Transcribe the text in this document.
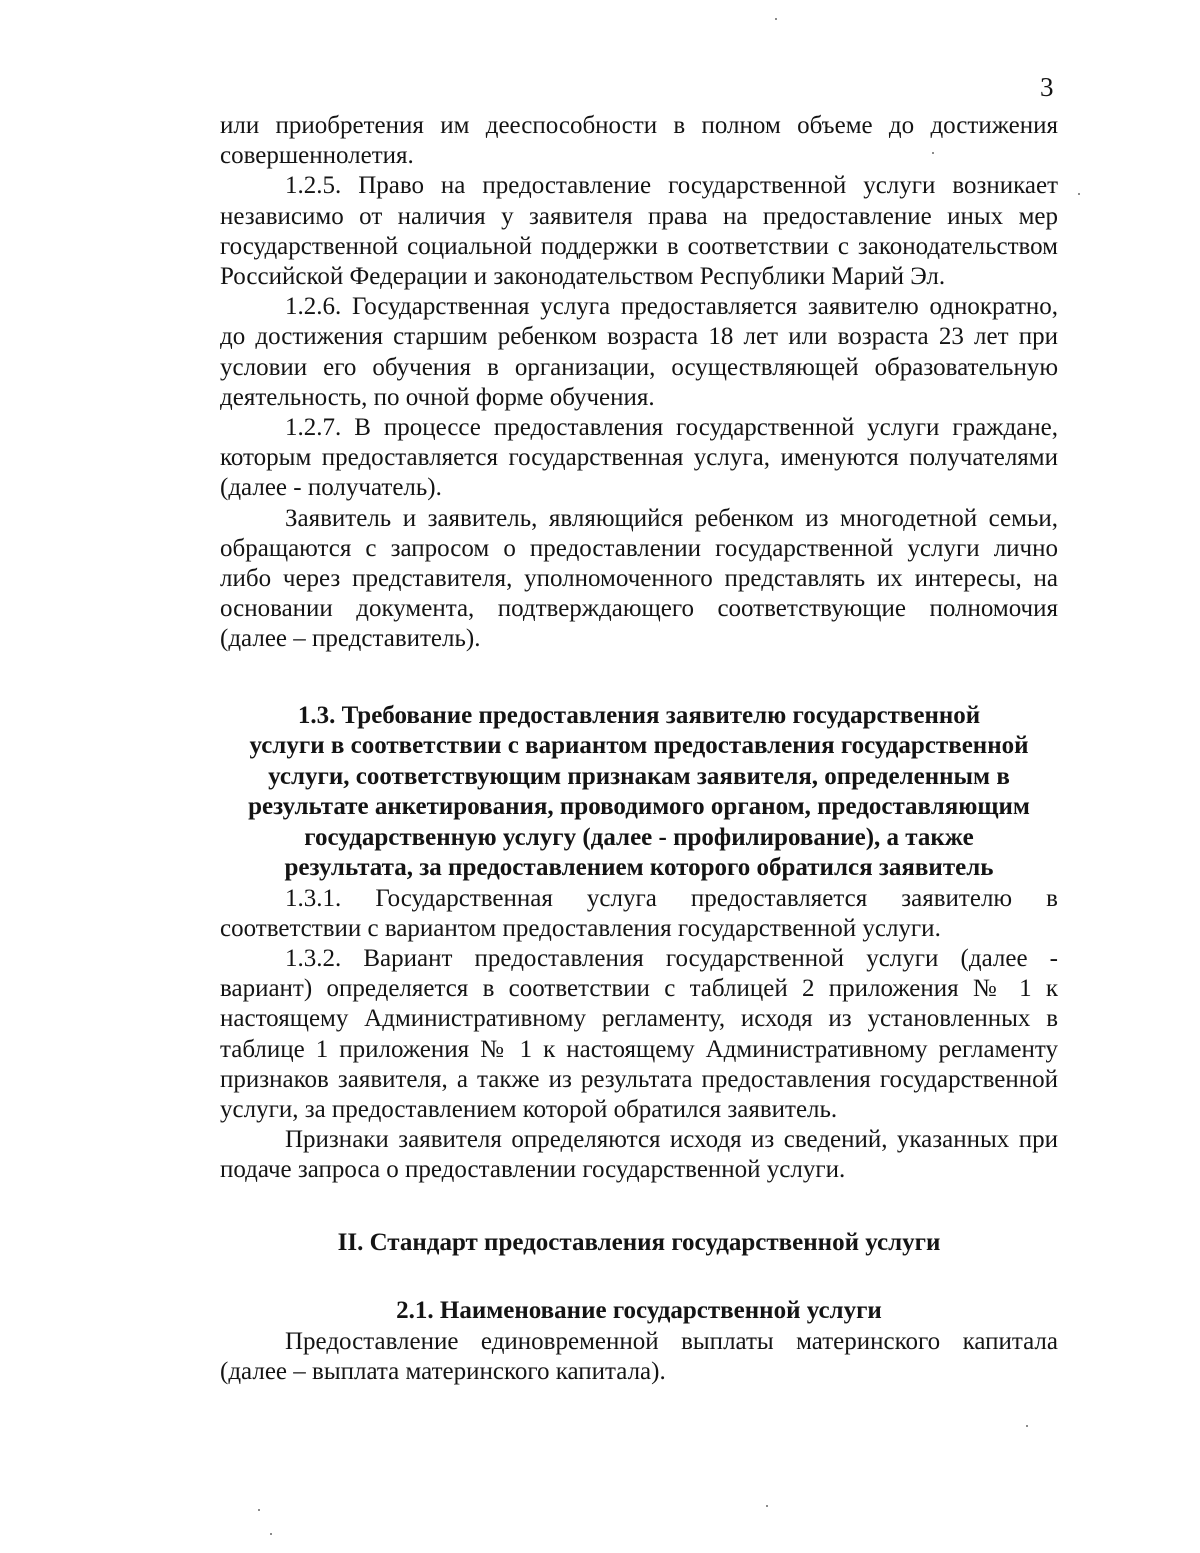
3

или приобретения им дееспособности в полном объеме до достижения совершеннолетия.

1.2.5. Право на предоставление государственной услуги возникает независимо от наличия у заявителя права на предоставление иных мер государственной социальной поддержки в соответствии с законодательством Российской Федерации и законодательством Республики Марий Эл.

1.2.6. Государственная услуга предоставляется заявителю однократно, до достижения старшим ребенком возраста 18 лет или возраста 23 лет при условии его обучения в организации, осуществляющей образовательную деятельность, по очной форме обучения.

1.2.7. В процессе предоставления государственной услуги граждане, которым предоставляется государственная услуга, именуются получателями (далее - получатель).

Заявитель и заявитель, являющийся ребенком из многодетной семьи, обращаются с запросом о предоставлении государственной услуги лично либо через представителя, уполномоченного представлять их интересы, на основании документа, подтверждающего соответствующие полномочия (далее – представитель).

1.3. Требование предоставления заявителю государственной
услуги в соответствии с вариантом предоставления государственной
услуги, соответствующим признакам заявителя, определенным в
результате анкетирования, проводимого органом, предоставляющим
государственную услугу (далее - профилирование), а также
результата, за предоставлением которого обратился заявитель

1.3.1. Государственная услуга предоставляется заявителю в соответствии с вариантом предоставления государственной услуги.

1.3.2. Вариант предоставления государственной услуги (далее - вариант) определяется в соответствии с таблицей 2 приложения № 1 к настоящему Административному регламенту, исходя из установленных в таблице 1 приложения № 1 к настоящему Административному регламенту признаков заявителя, а также из результата предоставления государственной услуги, за предоставлением которой обратился заявитель.

Признаки заявителя определяются исходя из сведений, указанных при подаче запроса о предоставлении государственной услуги.

II. Стандарт предоставления государственной услуги
2.1. Наименование государственной услуги

Предоставление единовременной выплаты материнского капитала (далее – выплата материнского капитала).
